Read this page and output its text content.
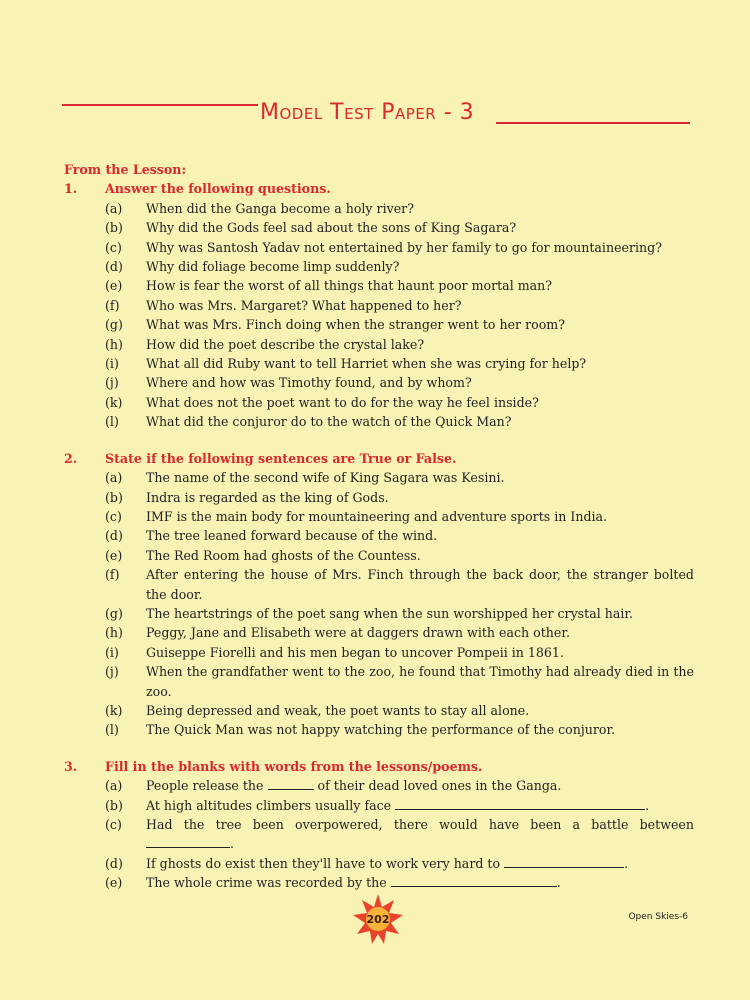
Model Test Paper - 3
From the Lesson:
1.	Answer the following questions.
(a)	When did the Ganga become a holy river?
(b)	Why did the Gods feel sad about the sons of King Sagara?
(c)	Why was Santosh Yadav not entertained by her family to go for mountaineering?
(d)	Why did foliage become limp suddenly?
(e)	How is fear the worst of all things that haunt poor mortal man?
(f)	Who was Mrs. Margaret? What happened to her?
(g)	What was Mrs. Finch doing when the stranger went to her room?
(h)	How did the poet describe the crystal lake?
(i)	What all did Ruby want to tell Harriet when she was crying for help?
(j)	Where and how was Timothy found, and by whom?
(k)	What does not the poet want to do for the way he feel inside?
(l)	What did the conjuror do to the watch of the Quick Man?
2.	State if the following sentences are True or False.
(a)	The name of the second wife of King Sagara was Kesini.
(b)	Indra is regarded as the king of Gods.
(c)	IMF is the main body for mountaineering and adventure sports in India.
(d)	The tree leaned forward because of the wind.
(e)	The Red Room had ghosts of the Countess.
(f)	After entering the house of Mrs. Finch through the back door, the stranger bolted the door.
(g)	The heartstrings of the poet sang when the sun worshipped her crystal hair.
(h)	Peggy, Jane and Elisabeth were at daggers drawn with each other.
(i)	Guiseppe Fiorelli and his men began to uncover Pompeii in 1861.
(j)	When the grandfather went to the zoo, he found that Timothy had already died in the zoo.
(k)	Being depressed and weak, the poet wants to stay all alone.
(l)	The Quick Man was not happy watching the performance of the conjuror.
3.	Fill in the blanks with words from the lessons/poems.
(a)	People release the	of their dead loved ones in the Ganga.
(b)	At high altitudes climbers usually face	.
(c)	Had the tree been overpowered, there would have been a battle between .
(d)	If ghosts do exist then they'll have to work very hard to	.
(e)	The whole crime was recorded by the	.
202	Open Skies-6
